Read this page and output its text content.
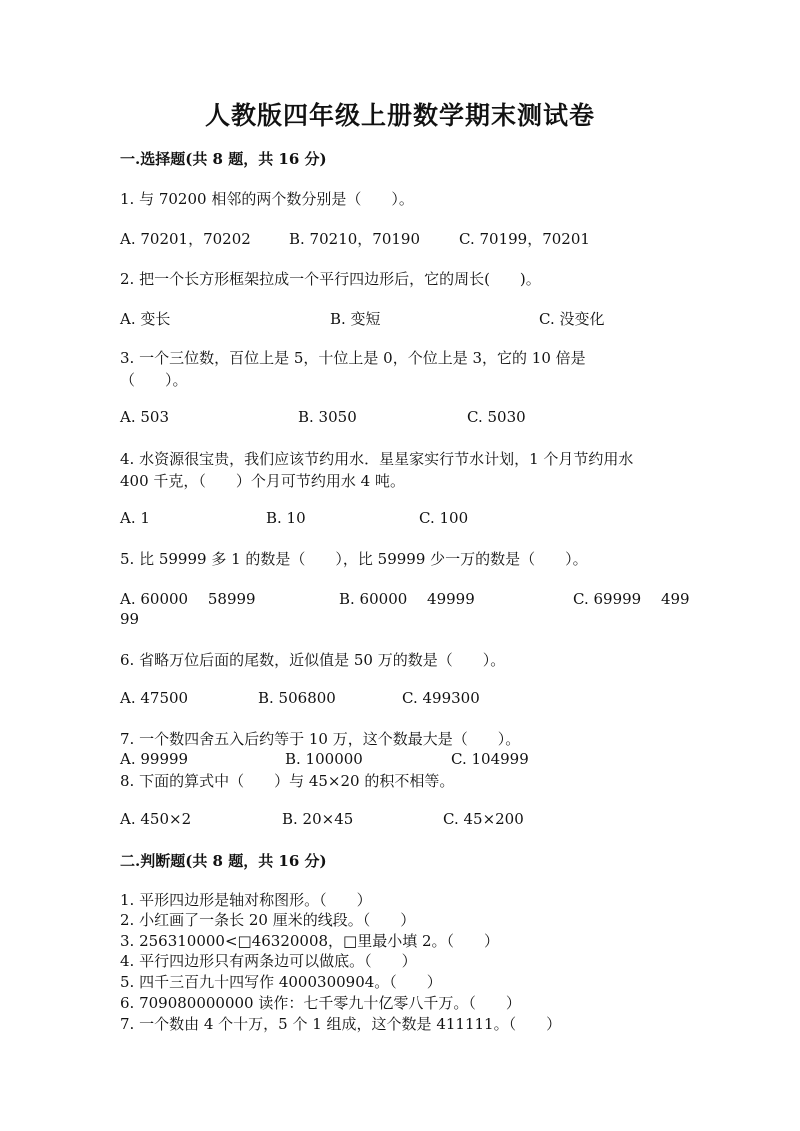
人教版四年级上册数学期末测试卷
一.选择题(共 8 题，共 16 分)
1. 与 70200 相邻的两个数分别是（　　）。
A. 70201，70202	B. 70210，70190	C. 70199，70201
2. 把一个长方形框架拉成一个平行四边形后，它的周长(　　)。
A. 变长	B. 变短	C. 没变化
3. 一个三位数，百位上是 5，十位上是 0，个位上是 3，它的 10 倍是
（　　）。
A. 503	B. 3050	C. 5030
4. 水资源很宝贵，我们应该节约用水．星星家实行节水计划，1 个月节约用水
400 千克，（　　）个月可节约用水 4 吨。
A. 1	B. 10	C. 100
5. 比 59999 多 1 的数是（　　），比 59999 少一万的数是（　　）。
A. 60000　 58999	B. 60000　 49999	C. 69999　 499
99
6. 省略万位后面的尾数，近似值是 50 万的数是（　　）。
A. 47500	B. 506800	C. 499300
7. 一个数四舍五入后约等于 10 万，这个数最大是（　　）。
A. 99999	B. 100000	C. 104999
8. 下面的算式中（　　）与 45×20 的积不相等。
A. 450×2	B. 20×45	C. 45×200
二.判断题(共 8 题，共 16 分)
1. 平形四边形是轴对称图形。（　　）
2. 小红画了一条长 20 厘米的线段。（　　）
3. 256310000<□46320008，□里最小填 2。（　　）
4. 平行四边形只有两条边可以做底。（　　）
5. 四千三百九十四写作 4000300904。（　　）
6. 709080000000 读作：七千零九十亿零八千万。（　　）
7. 一个数由 4 个十万，5 个 1 组成，这个数是 411111。（　　）
